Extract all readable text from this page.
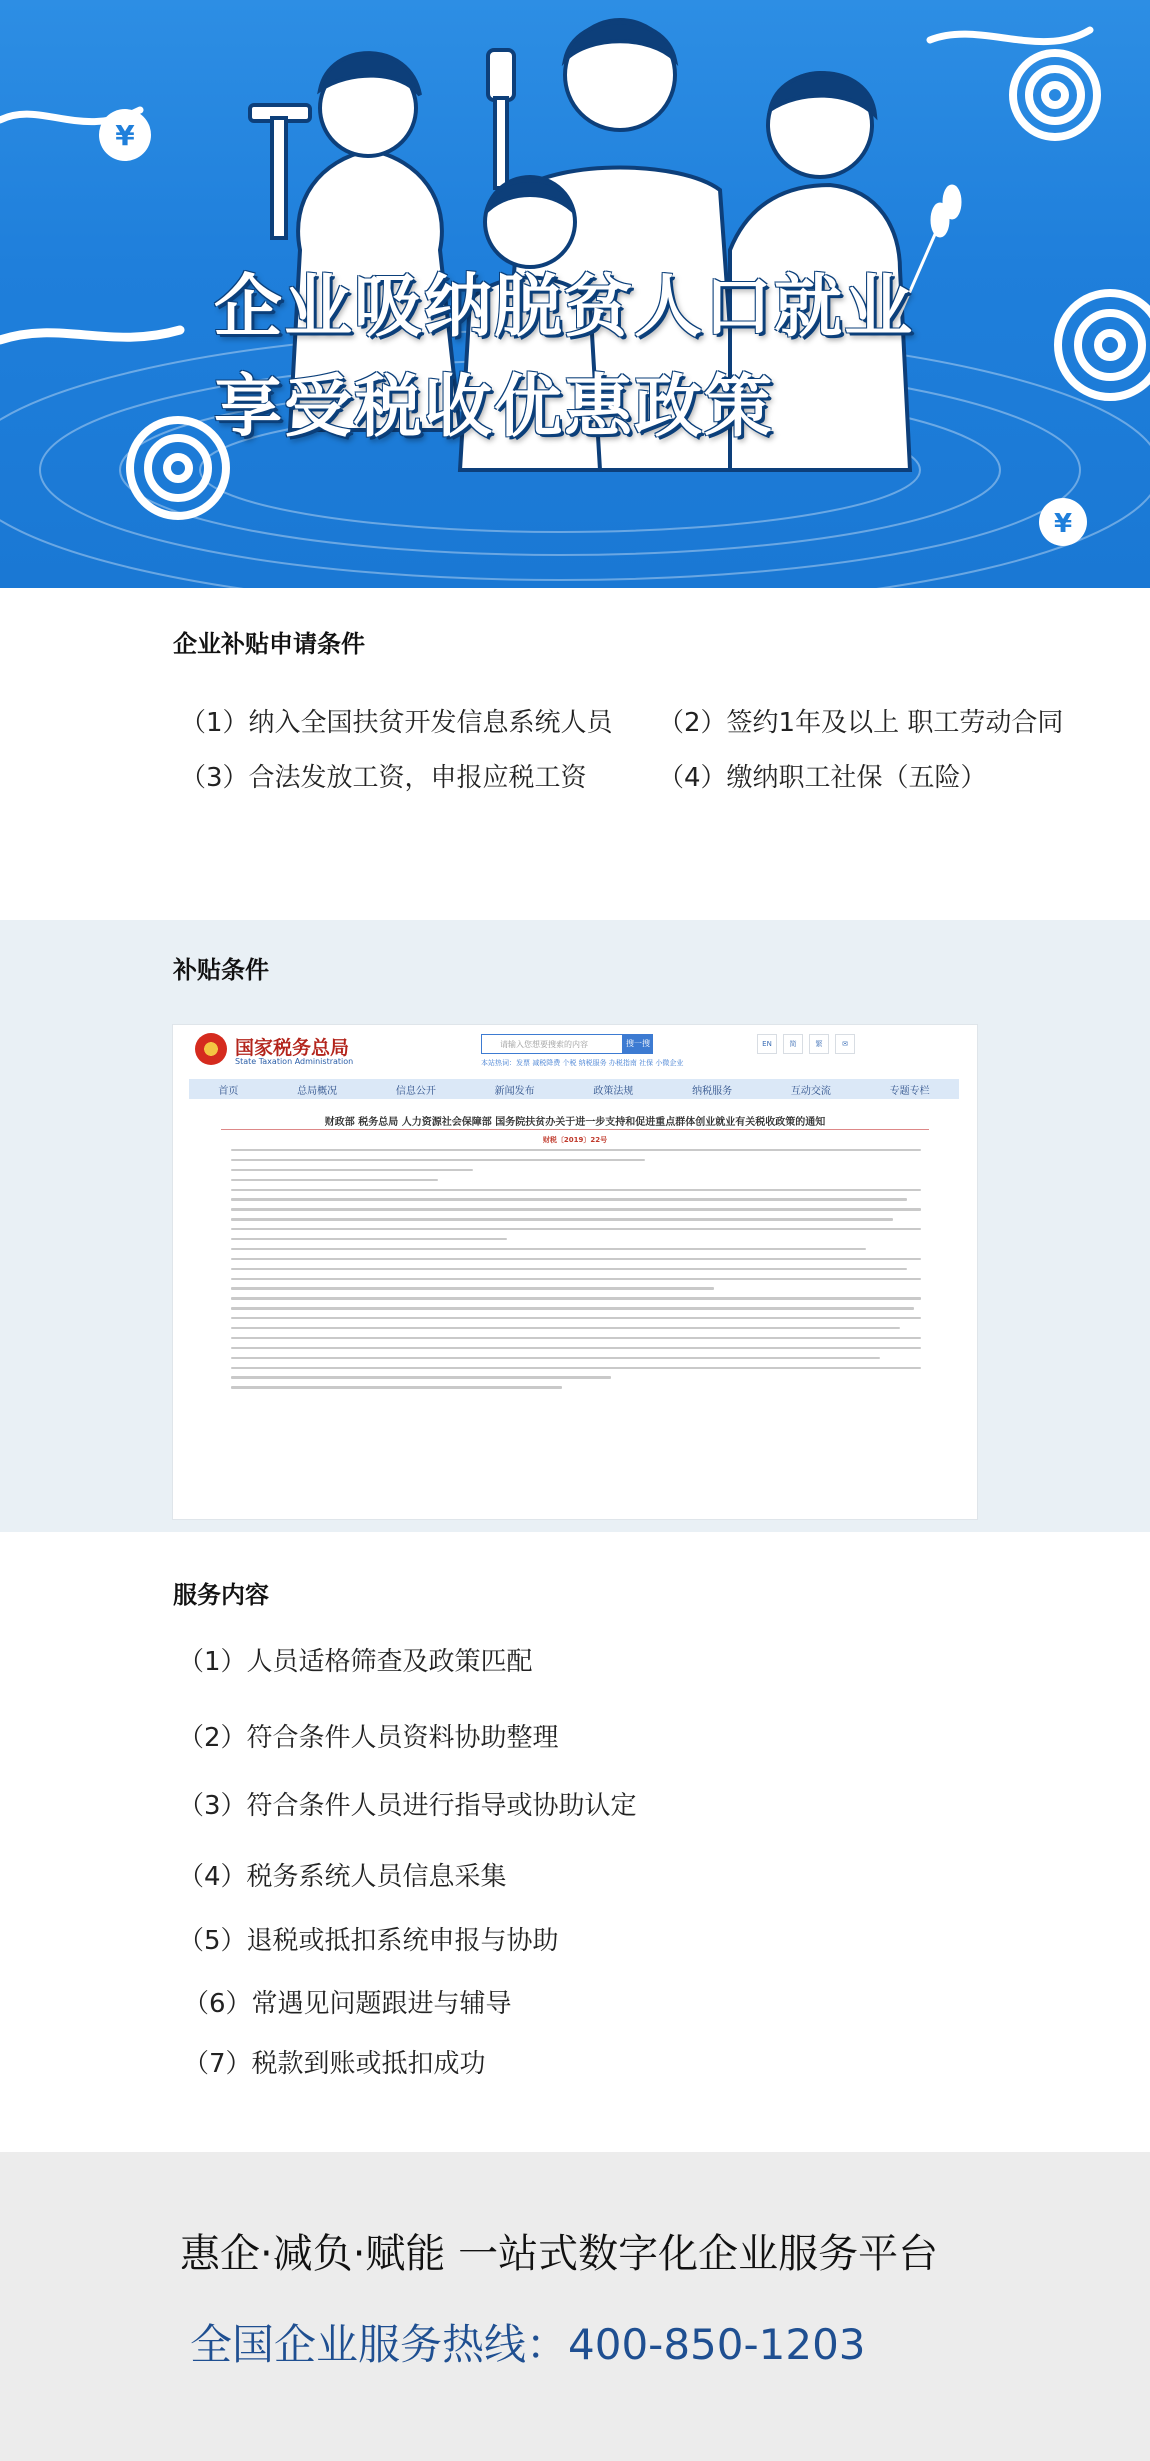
¥
¥
企业吸纳脱贫人口就业
享受税收优惠政策
企业补贴申请条件
（1）纳入全国扶贫开发信息系统人员 （2）签约1年及以上 职工劳动合同
（3）合法发放工资，申报应税工资	（4）缴纳职工社保（五险）
补贴条件
国家税务总局
State Taxation Administration
请输入您想要搜索的内容	搜一搜
本站热词：发票 减税降费 个税 纳税服务 办税指南 社保 小微企业
EN	简	繁	✉
首页	总局概况	信息公开	新闻发布	政策法规	纳税服务	互动交流	专题专栏
财政部 税务总局 人力资源社会保障部 国务院扶贫办关于进一步支持和促进重点群体创业就业有关税收政策的通知
财税〔2019〕22号
服务内容
（1）人员适格筛查及政策匹配
（2）符合条件人员资料协助整理
（3）符合条件人员进行指导或协助认定
（4）税务系统人员信息采集
（5）退税或抵扣系统申报与协助
（6）常遇见问题跟进与辅导
（7）税款到账或抵扣成功
惠企·减负·赋能 一站式数字化企业服务平台
全国企业服务热线：400-850-1203
